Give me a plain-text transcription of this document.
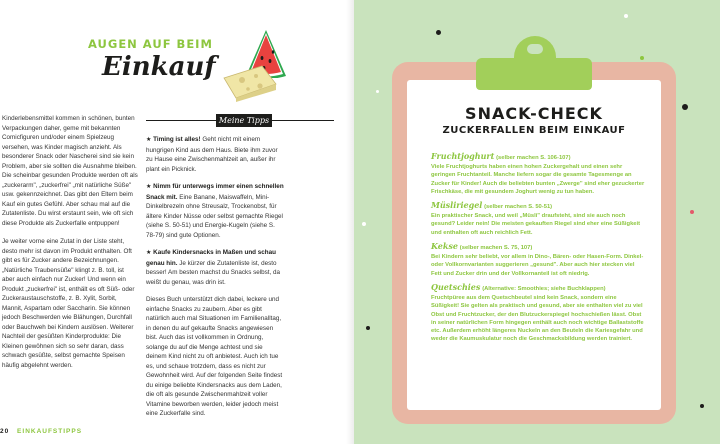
AUGEN AUF BEIM
Einkauf
Meine Tipps

Kinderlebensmittel kommen in schönen, bunten Verpackungen daher, geme mit bekannten Comicfiguren und/oder einem Spielzeug versehen, was Kinder magisch anzieht. Als besonderer Snack oder Nascherei sind sie kein Problem, aber sie sollten die Ausnahme bleiben. Die scheinbar gesunden Produkte werden oft als „zuckerarm", „zuckerfrei" „mit natürliche Süße" usw. gekennzeichnet. Das gibt den Eltern beim Kauf ein gutes Gefühl. Aber schau mal auf die Zutatenliste. Du wirst erstaunt sein, wie oft sich diese Produkte als Zuckerfalle entpuppen!

Je weiter vorne eine Zutat in der Liste steht, desto mehr ist davon im Produkt enthalten. Oft gibt es für Zucker andere Bezeichnungen. „Natürliche Traubensüße" klingt z. B. toll, ist aber auch einfach nur Zucker! Und wenn ein Produkt „zuckerfrei" ist, enthält es oft Süß- oder Zuckeraustauschstoffe, z. B. Xylit, Sorbit, Mannit, Aspartam oder Saccharin. Sie können jedoch Beschwerden wie Blähungen, Durchfall oder Bauchweh bei Kindern auslösen. Weiterer Nachteil der gesüßten Kinderprodukte: Die Kleinen gewöhnen sich so sehr daran, dass schwach gesüßte, selbst gemachte Speisen häufig abgelehnt werden.

★ Timing ist alles! Geht nicht mit einem hungrigen Kind aus dem Haus. Biete ihm zuvor zu Hause eine Zwischenmahlzeit an, außer ihr plant ein Picknick.

★ Nimm für unterwegs immer einen schnellen Snack mit. Eine Banane, Maiswaffeln, Mini-Dinkelbrezeln ohne Streusalz, Trockenobst, für ältere Kinder Nüsse oder selbst gemachte Riegel (siehe S. 50-51) und Energie-Kugeln (siehe S. 78-79) sind gute Optionen.

★ Kaufe Kindersnacks in Maßen und schau genau hin. Je kürzer die Zutatenliste ist, desto besser! Am besten machst du Snacks selbst, da weißt du genau, was drin ist.

Dieses Buch unterstützt dich dabei, leckere und einfache Snacks zu zaubern. Aber es gibt natürlich auch mal Situationen im Familienalltag, in denen du auf gekaufte Snacks angewiesen bist. Auch das ist vollkommen in Ordnung, solange du auf die Menge achtest und sie deinem Kind nicht zu oft anbietest. Auch ich tue es, und schaue trotzdem, dass es nicht zur Gewohnheit wird. Auf der folgenden Seite findest du einige beliebte Kindersnacks aus dem Laden, die oft als gesunde Zwischenmahlzeit voller Vitamine beworben werden, leider jedoch meist eine Zuckerfalle sind.

20 EINKAUFSTIPPS
SNACK-CHECK
ZUCKERFALLEN BEIM EINKAUF
Fruchtjoghurt (selber machen S. 106-107)
Viele Fruchtjoghurts haben einen hohen Zuckergehalt und einen sehr geringen Fruchtanteil. Manche liefern sogar die gesamte Tagesmenge an Zucker für Kinder! Auch die beliebten bunten „Zwerge" sind eher gezuckerter Frischkäse, die mit gesundem Joghurt wenig zu tun haben.
Müsliriegel (selber machen S. 50-51)
Ein praktischer Snack, und weil „Müsli" draufsteht, sind sie auch noch gesund? Leider nein! Die meisten gekauften Riegel sind eher eine Süßigkeit und enthalten oft auch reichlich Fett.
Kekse (selber machen S. 75, 107)
Bei Kindern sehr beliebt, vor allem in Dino-, Bären- oder Hasen-Form. Dinkel- oder Vollkornvarianten suggerieren „gesund". Aber auch hier stecken viel Fett und Zucker drin und der Vollkornanteil ist oft niedrig.
Quetschies (Alternative: Smoothies; siehe Buchklappen)
Fruchtpüree aus dem Quetschbeutel sind kein Snack, sondern eine Süßigkeit! Sie gelten als praktisch und gesund, aber sie enthalten viel zu viel Obst und Fruchtzucker, der den Blutzuckerspiegel hochschießen lässt. Obst in seiner natürlichen Form hingegen enthält auch noch wichtige Ballaststoffe etc. Außerdem erhöht längeres Nuckeln an den Beuteln die Kariesgefahr und weder die Kaumuskulatur noch die Geschmacksbildung werden trainiert.
